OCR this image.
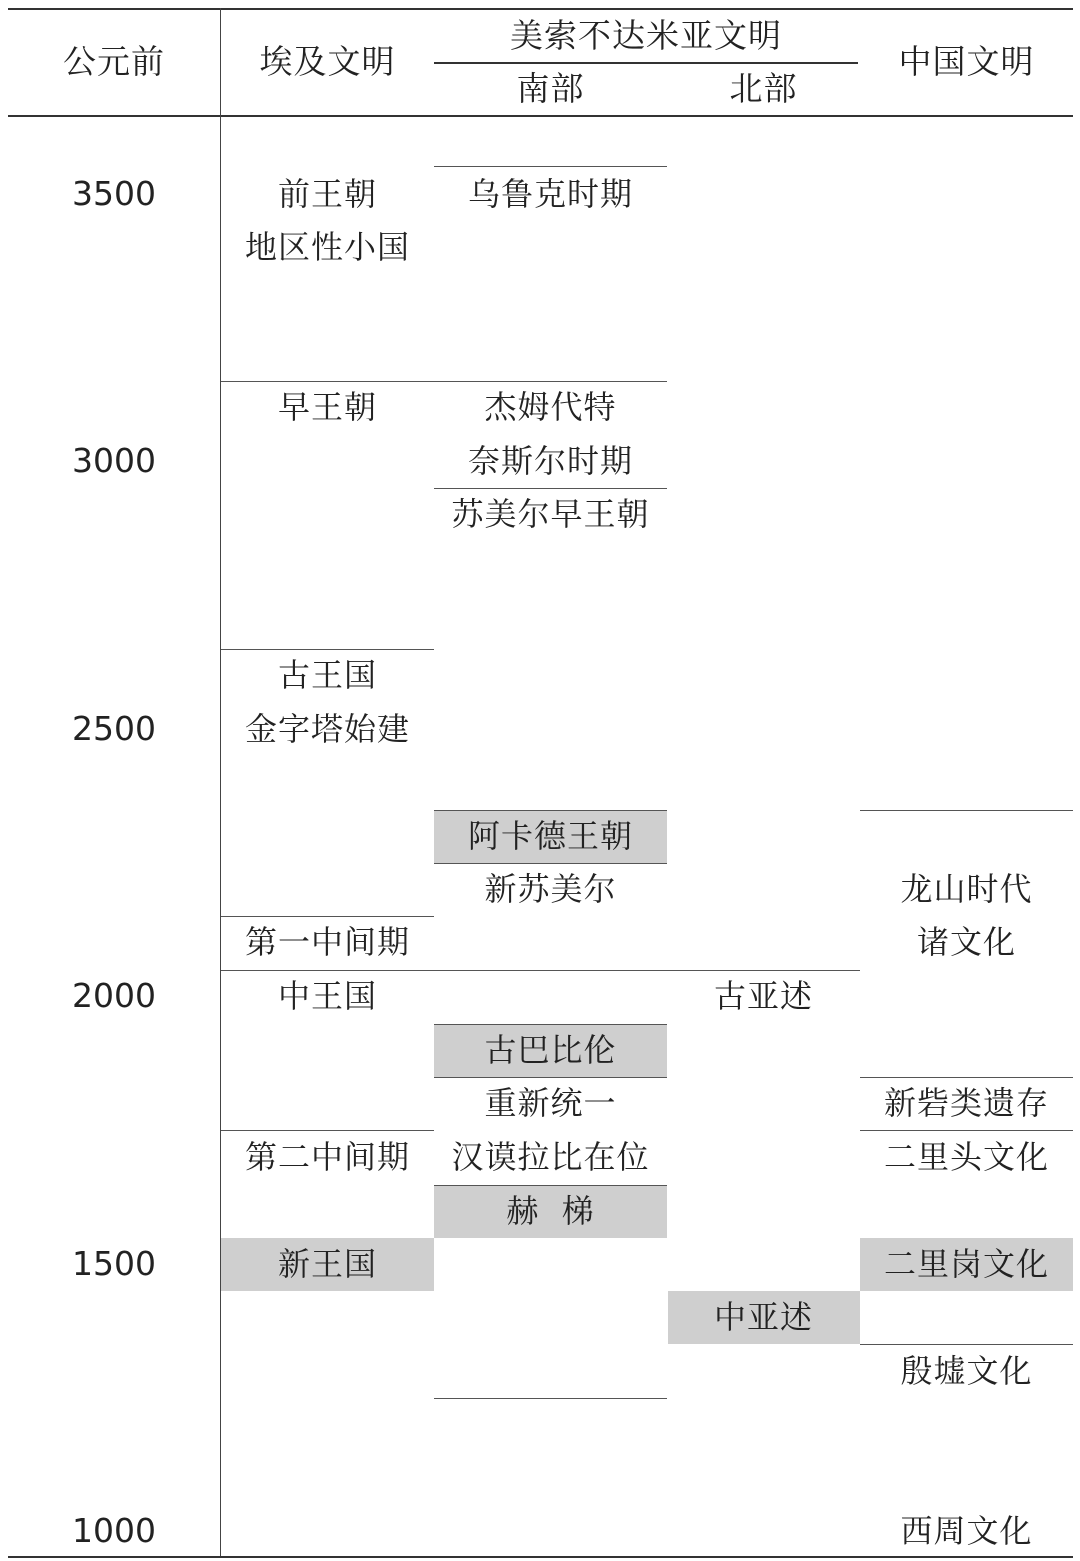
公元前	埃及文明
美索不达米亚文明
南部	北部
中国文明
3500
3000
2500
2000
1500
1000
前王朝
地区性小国
早王朝
古王国
金字塔始建
第一中间期
中王国
第二中间期
新王国
乌鲁克时期
杰姆代特
奈斯尔时期
苏美尔早王朝
阿卡德王朝
新苏美尔
古巴比伦
重新统一
汉谟拉比在位
赫  梯
古亚述
中亚述
龙山时代
诸文化
新砦类遗存
二里头文化
二里岗文化
殷墟文化
西周文化
